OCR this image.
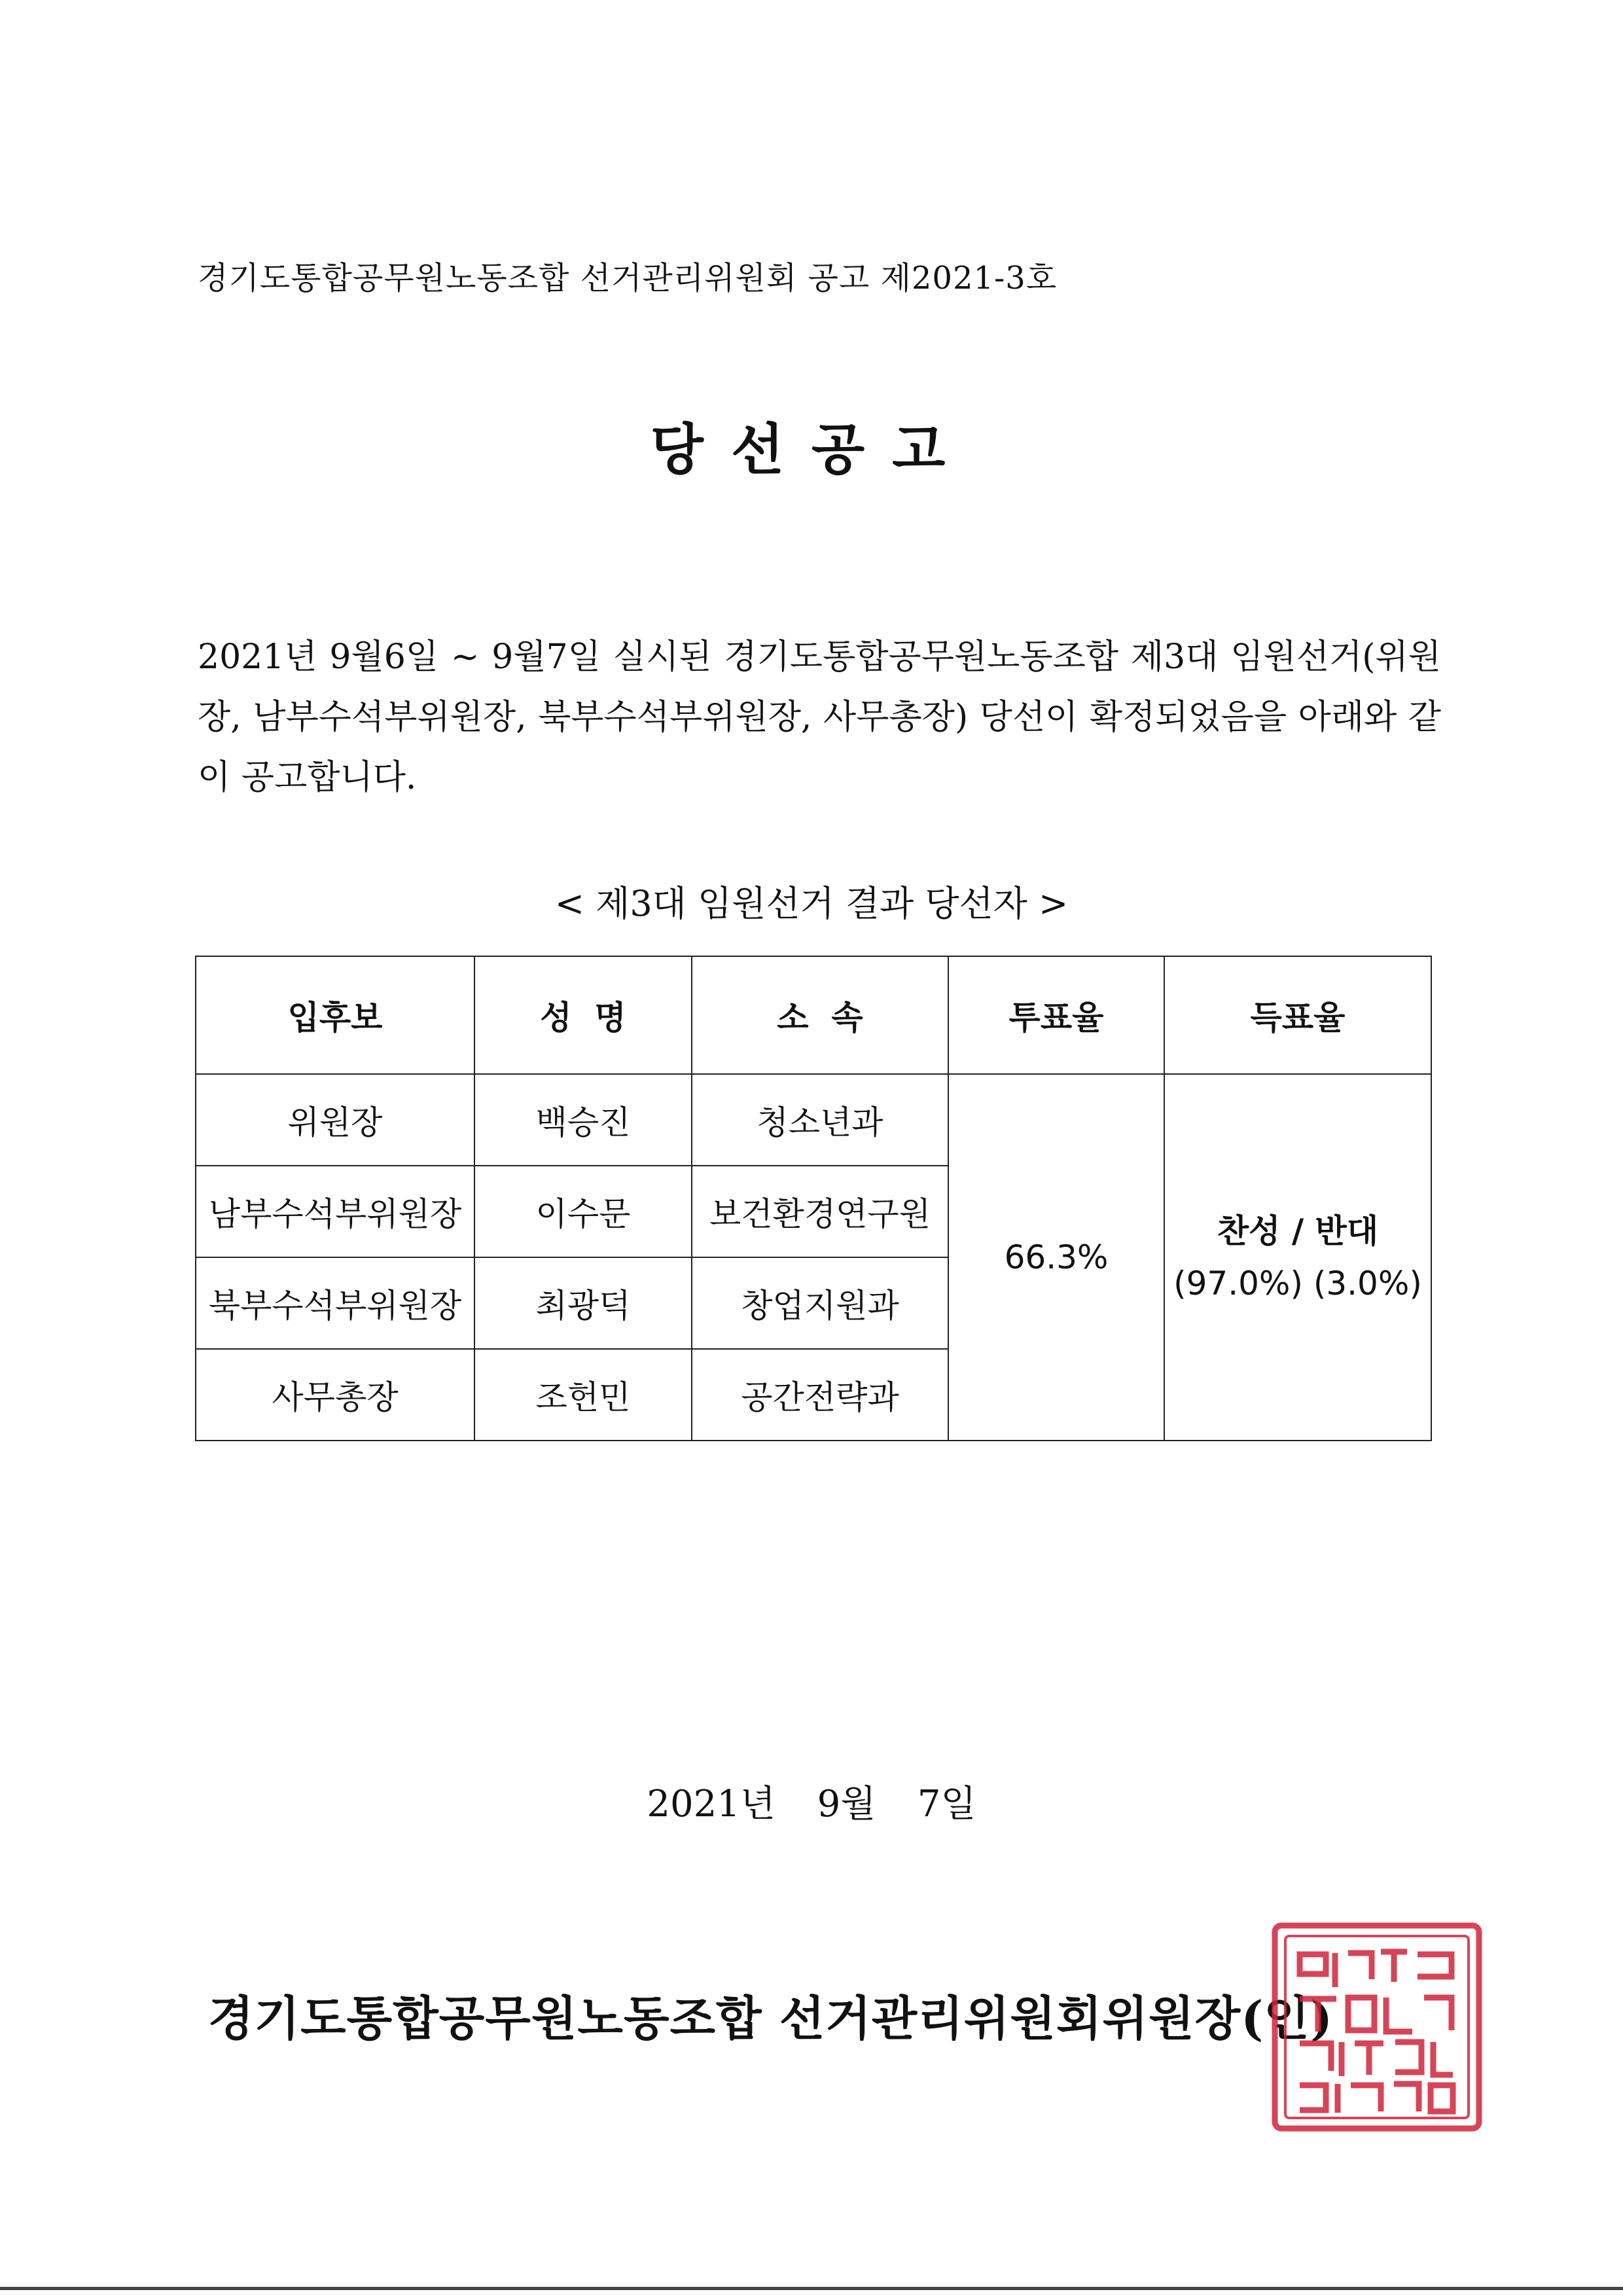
경기도통합공무원노동조합 선거관리위원회 공고 제2021-3호
당선공고
2021년 9월6일 ~ 9월7일 실시된 경기도통합공무원노동조합 제3대 임원선거(위원장, 남부수석부위원장, 북부수석부위원장, 사무총장) 당선이 확정되었음을 아래와 같이 공고합니다.
< 제3대 임원선거 결과 당선자 >
입후보	성  명	소  속	투표율	득표율
위원장	백승진	청소년과	66.3%	찬성 / 반대
(97.0%) (3.0%)

남부수석부위원장	이수문	보건환경연구원		
북부수석부위원장	최광덕	창업지원과		
사무총장	조헌민	공간전략과		
2021년  9월  7일
경기도통합공무원노동조합 선거관리위원회위원장(인)
